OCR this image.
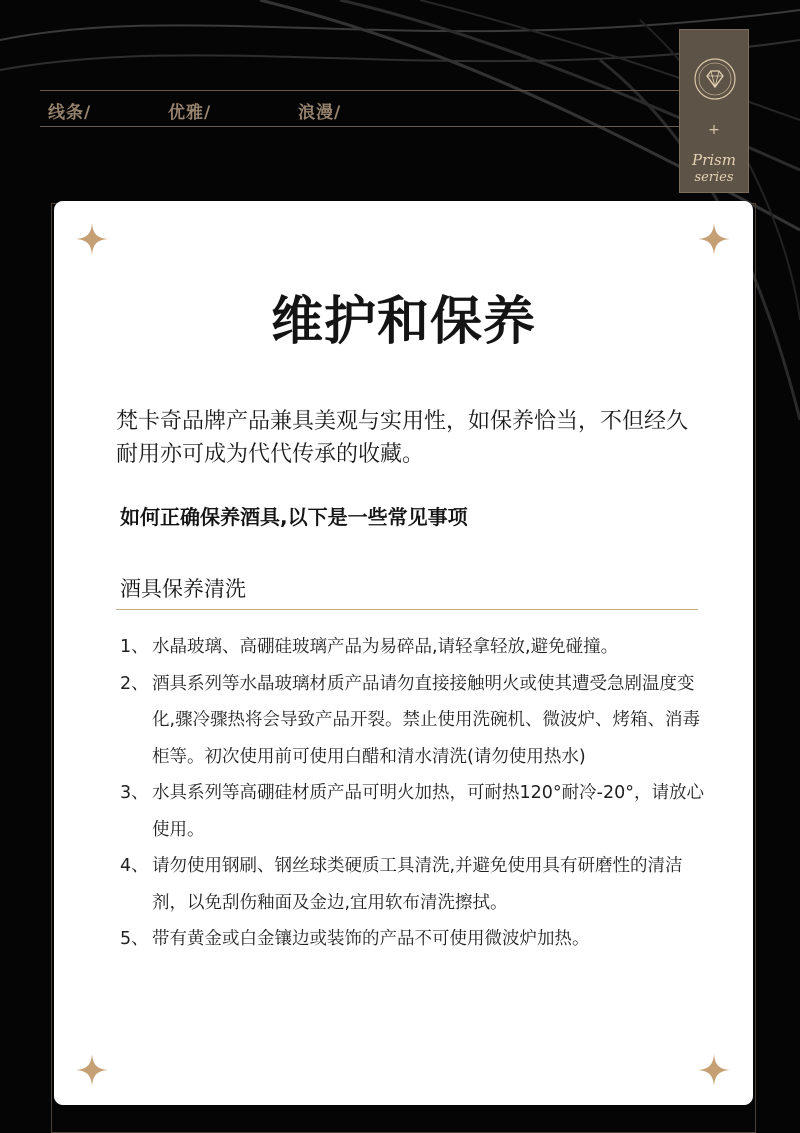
线条/	优雅/	浪漫/
+
Prism
series
维护和保养
梵卡奇品牌产品兼具美观与实用性，如保养恰当，不但经久耐用亦可成为代代传承的收藏。
如何正确保养酒具,以下是一些常见事项
酒具保养清洗
1、 水晶玻璃、高硼硅玻璃产品为易碎品,请轻拿轻放,避免碰撞。
2、 酒具系列等水晶玻璃材质产品请勿直接接触明火或使其遭受急剧温度变化,骤冷骤热将会导致产品开裂。禁止使用洗碗机、微波炉、烤箱、消毒柜等。初次使用前可使用白醋和清水清洗(请勿使用热水)
3、 水具系列等高硼硅材质产品可明火加热，可耐热120°耐冷-20°，请放心使用。
4、 请勿使用钢刷、钢丝球类硬质工具清洗,并避免使用具有研磨性的清洁剂，以免刮伤釉面及金边,宜用软布清洗擦拭。
5、 带有黄金或白金镶边或装饰的产品不可使用微波炉加热。
